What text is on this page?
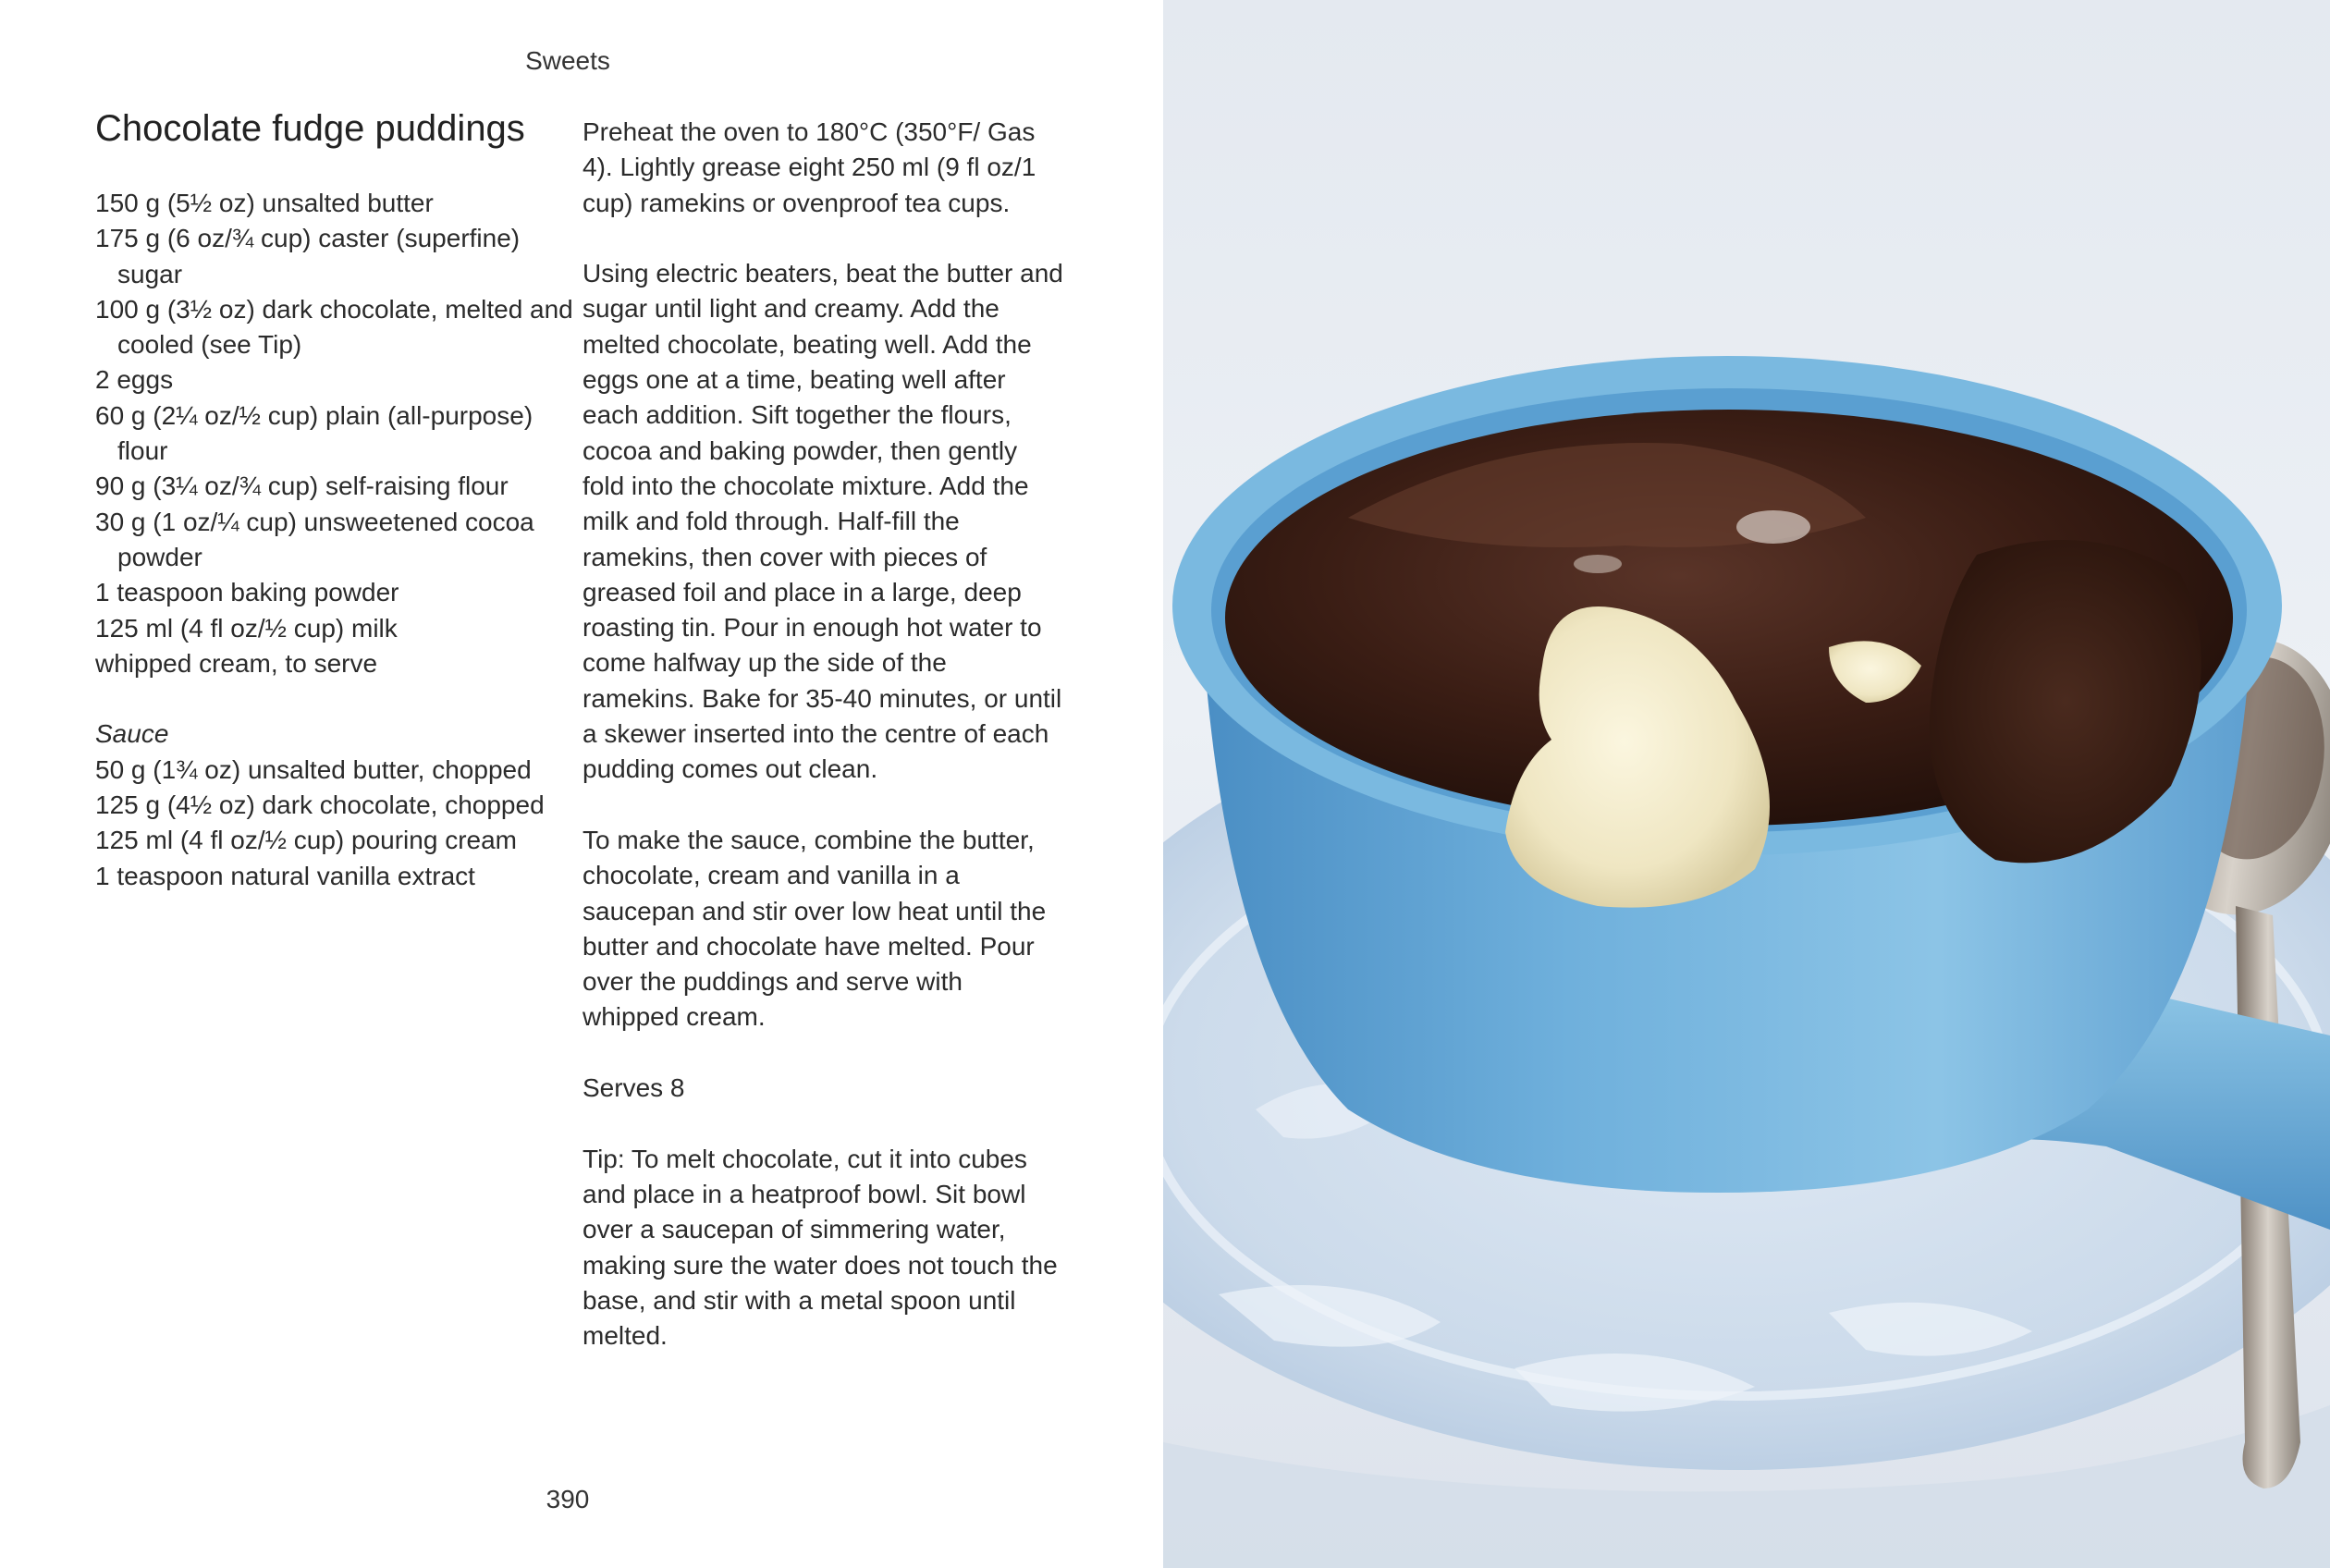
Sweets
Chocolate fudge puddings
150 g (5½ oz) unsalted butter
175 g (6 oz/¾ cup) caster (superfine) sugar
100 g (3½ oz) dark chocolate, melted and cooled (see Tip)
2 eggs
60 g (2¼ oz/½ cup) plain (all-purpose) flour
90 g (3¼ oz/¾ cup) self-raising flour
30 g (1 oz/¼ cup) unsweetened cocoa powder
1 teaspoon baking powder
125 ml (4 fl oz/½ cup) milk
whipped cream, to serve
Sauce
50 g (1¾ oz) unsalted butter, chopped
125 g (4½ oz) dark chocolate, chopped
125 ml (4 fl oz/½ cup) pouring cream
1 teaspoon natural vanilla extract

Preheat the oven to 180°C (350°F/ Gas 4). Lightly grease eight 250 ml (9 fl oz/1 cup) ramekins or ovenproof tea cups.

Using electric beaters, beat the butter and sugar until light and creamy. Add the melted chocolate, beating well. Add the eggs one at a time, beating well after each addition. Sift together the flours, cocoa and baking powder, then gently fold into the chocolate mixture. Add the milk and fold through. Half-fill the ramekins, then cover with pieces of greased foil and place in a large, deep roasting tin. Pour in enough hot water to come halfway up the side of the ramekins. Bake for 35-40 minutes, or until a skewer inserted into the centre of each pudding comes out clean.

To make the sauce, combine the butter, chocolate, cream and vanilla in a saucepan and stir over low heat until the butter and chocolate have melted. Pour over the puddings and serve with whipped cream.

Serves 8

Tip: To melt chocolate, cut it into cubes and place in a heatproof bowl. Sit bowl over a saucepan of simmering water, making sure the water does not touch the base, and stir with a metal spoon until melted.

390
